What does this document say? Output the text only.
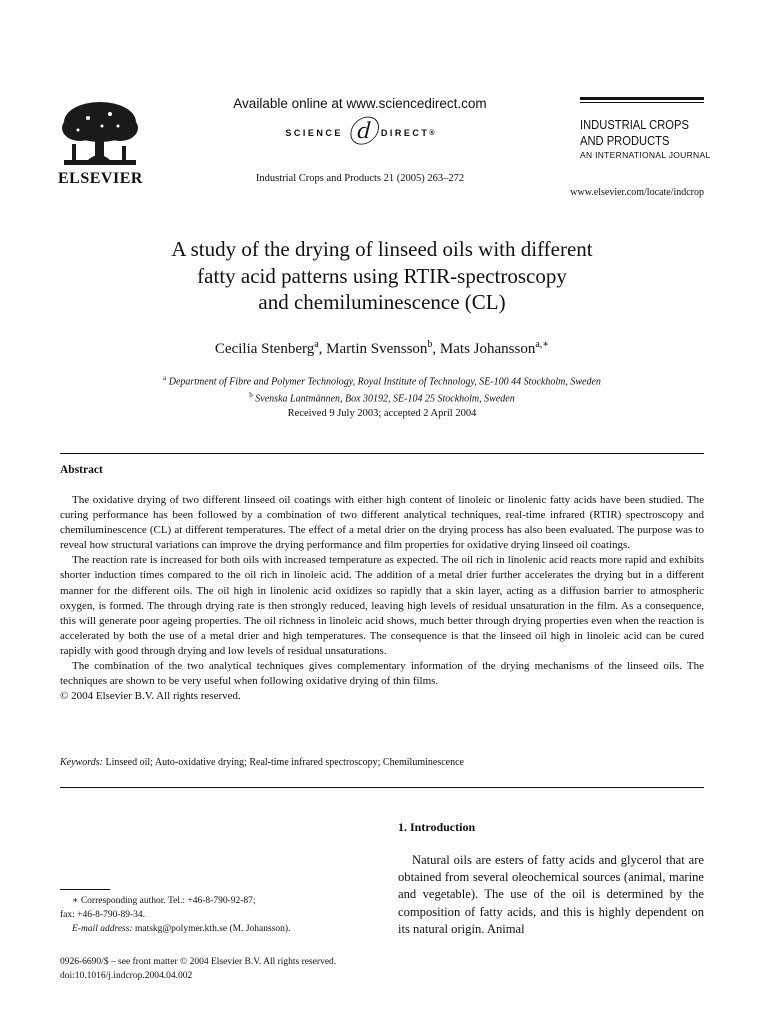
ELSEVIER
Available online at www.sciencedirect.com
SCIENCE ⓓ DIRECT ®
Industrial Crops and Products 21 (2005) 263–272
INDUSTRIAL CROPS
AND PRODUCTS
AN INTERNATIONAL JOURNAL
www.elsevier.com/locate/indcrop
A study of the drying of linseed oils with different
fatty acid patterns using RTIR-spectroscopy
and chemiluminescence (CL)
Cecilia Stenberg$^a$, Martin Svensson$^b$, Mats Johansson$^{a,∗}$
$^a$ Department of Fibre and Polymer Technology, Royal Institute of Technology, SE-100 44 Stockholm, Sweden
$^b$ Svenska Lantmännen, Box 30192, SE-104 25 Stockholm, Sweden
Received 9 July 2003; accepted 2 April 2004
Abstract

The oxidative drying of two different linseed oil coatings with either high content of linoleic or linolenic fatty acids have been studied. The curing performance has been followed by a combination of two different analytical techniques, real-time infrared (RTIR) spectroscopy and chemiluminescence (CL) at different temperatures. The effect of a metal drier on the drying process has also been evaluated. The purpose was to reveal how structural variations can improve the drying performance and film properties for oxidative drying linseed oil coatings.

The reaction rate is increased for both oils with increased temperature as expected. The oil rich in linolenic acid reacts more rapid and exhibits shorter induction times compared to the oil rich in linoleic acid. The addition of a metal drier further accelerates the drying but in a different manner for the different oils. The oil high in linolenic acid oxidizes so rapidly that a skin layer, acting as a diffusion barrier to atmospheric oxygen, is formed. The through drying rate is then strongly reduced, leaving high levels of residual unsaturation in the film. As a consequence, this will generate poor ageing properties. The oil richness in linoleic acid shows, much better through drying properties even when the reaction is accelerated by both the use of a metal drier and high temperatures. The consequence is that the linseed oil high in linoleic acid can be cured rapidly with good through drying and low levels of residual unsaturations.

The combination of the two analytical techniques gives complementary information of the drying mechanisms of the linseed oils. The techniques are shown to be very useful when following oxidative drying of thin films.

© 2004 Elsevier B.V. All rights reserved.

Keywords: Linseed oil; Auto-oxidative drying; Real-time infrared spectroscopy; Chemiluminescence
1. Introduction

Natural oils are esters of fatty acids and glycerol that are obtained from several oleochemical sources (animal, marine and vegetable). The use of the oil is determined by the composition of fatty acids, and this is highly dependent on its natural origin. Animal

∗ Corresponding author. Tel.: +46-8-790-92-87;
fax: +46-8-790-89-34.
E-mail address: matskg@polymer.kth.se (M. Johansson).
0926-6690/$ – see front matter © 2004 Elsevier B.V. All rights reserved.
doi:10.1016/j.indcrop.2004.04.002
